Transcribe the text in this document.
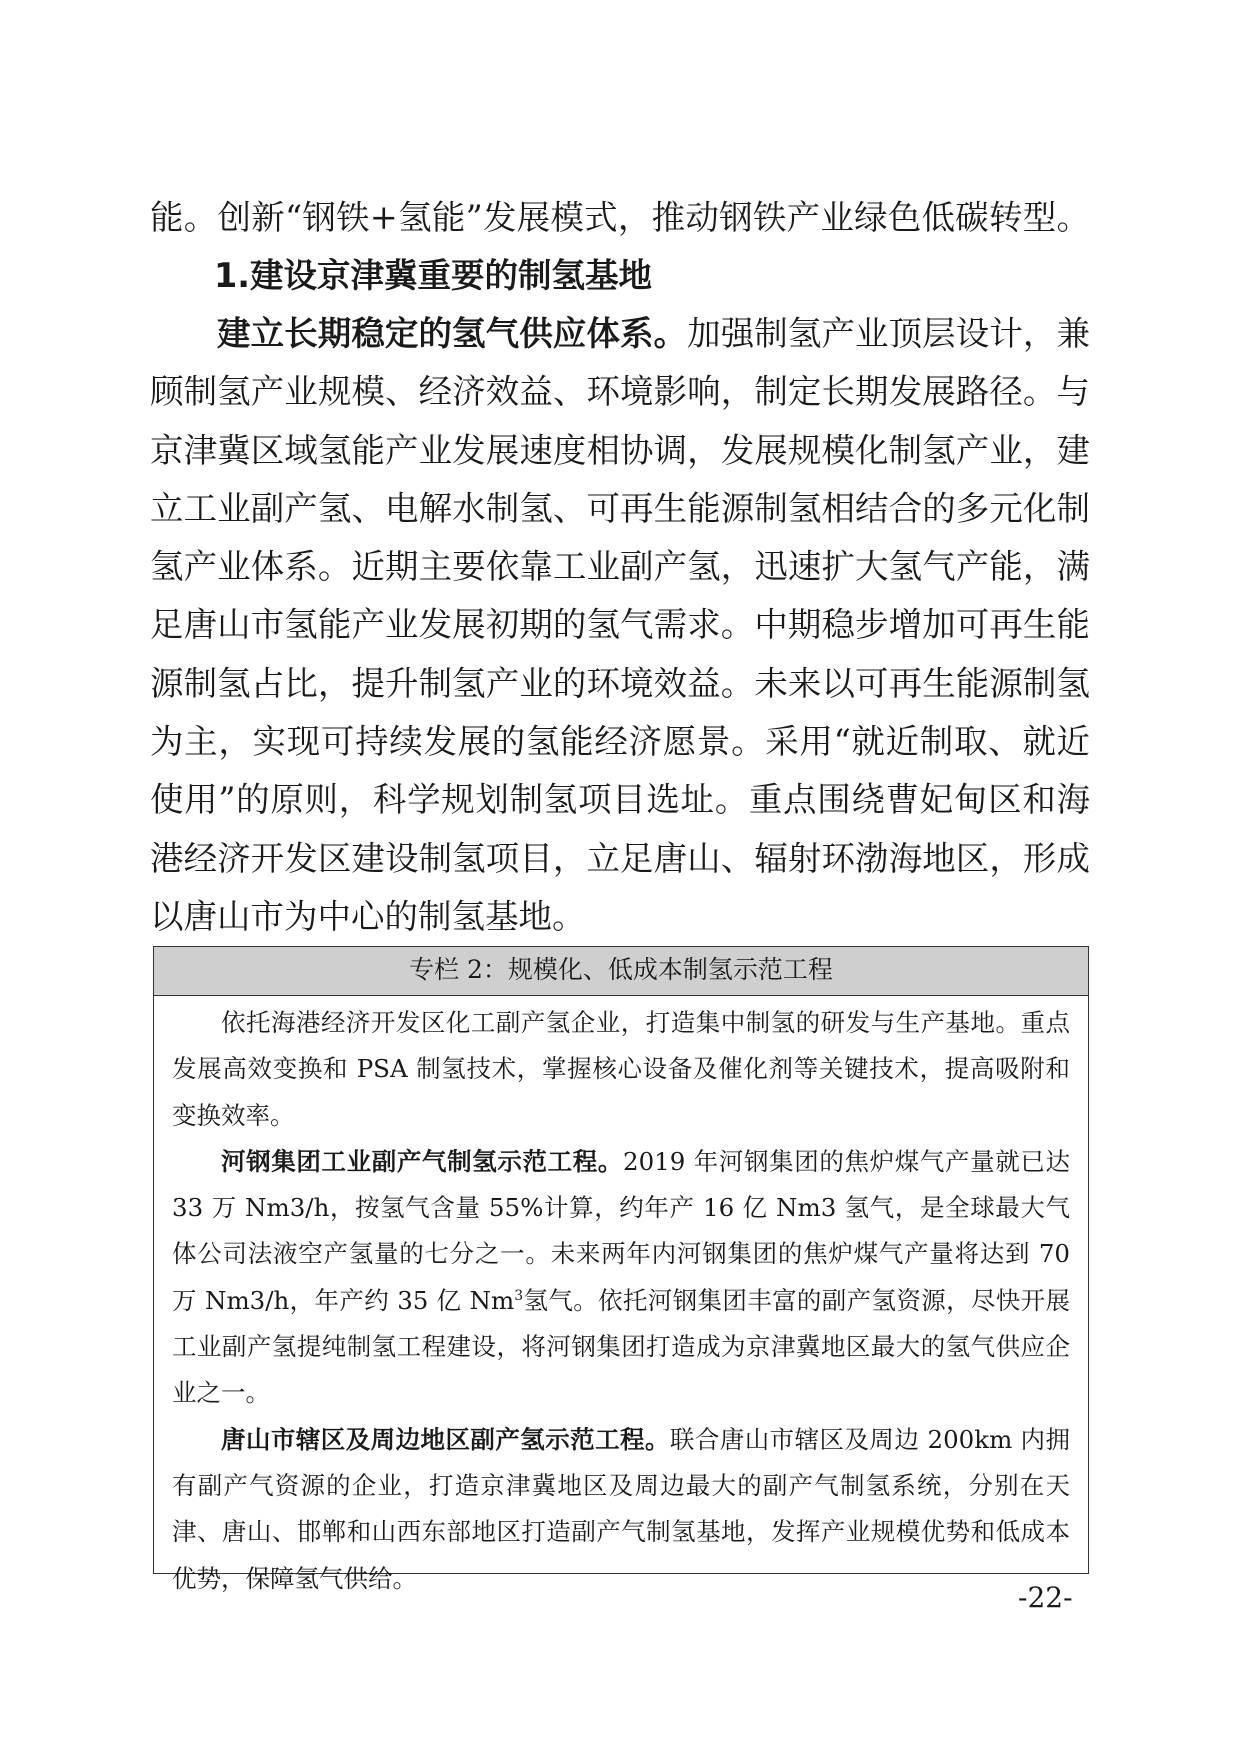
能。创新“钢铁+氢能”发展模式，推动钢铁产业绿色低碳转型。
1.建设京津冀重要的制氢基地
建立长期稳定的氢气供应体系。加强制氢产业顶层设计，兼顾制氢产业规模、经济效益、环境影响，制定长期发展路径。与京津冀区域氢能产业发展速度相协调，发展规模化制氢产业，建立工业副产氢、电解水制氢、可再生能源制氢相结合的多元化制氢产业体系。近期主要依靠工业副产氢，迅速扩大氢气产能，满足唐山市氢能产业发展初期的氢气需求。中期稳步增加可再生能源制氢占比，提升制氢产业的环境效益。未来以可再生能源制氢为主，实现可持续发展的氢能经济愿景。采用“就近制取、就近使用”的原则，科学规划制氢项目选址。重点围绕曹妃甸区和海港经济开发区建设制氢项目，立足唐山、辐射环渤海地区，形成以唐山市为中心的制氢基地。
专栏 2：规模化、低成本制氢示范工程

依托海港经济开发区化工副产氢企业，打造集中制氢的研发与生产基地。重点发展高效变换和 PSA 制氢技术，掌握核心设备及催化剂等关键技术，提高吸附和变换效率。

河钢集团工业副产气制氢示范工程。2019 年河钢集团的焦炉煤气产量就已达 33 万 Nm3/h，按氢气含量 55%计算，约年产 16 亿 Nm3 氢气，是全球最大气体公司法液空产氢量的七分之一。未来两年内河钢集团的焦炉煤气产量将达到 70 万 Nm3/h，年产约 35 亿 Nm$^3$氢气。依托河钢集团丰富的副产氢资源，尽快开展工业副产氢提纯制氢工程建设，将河钢集团打造成为京津冀地区最大的氢气供应企业之一。

唐山市辖区及周边地区副产氢示范工程。联合唐山市辖区及周边 200km 内拥有副产气资源的企业，打造京津冀地区及周边最大的副产气制氢系统，分别在天津、唐山、邯郸和山西东部地区打造副产气制氢基地，发挥产业规模优势和低成本优势，保障氢气供给。

-22-
